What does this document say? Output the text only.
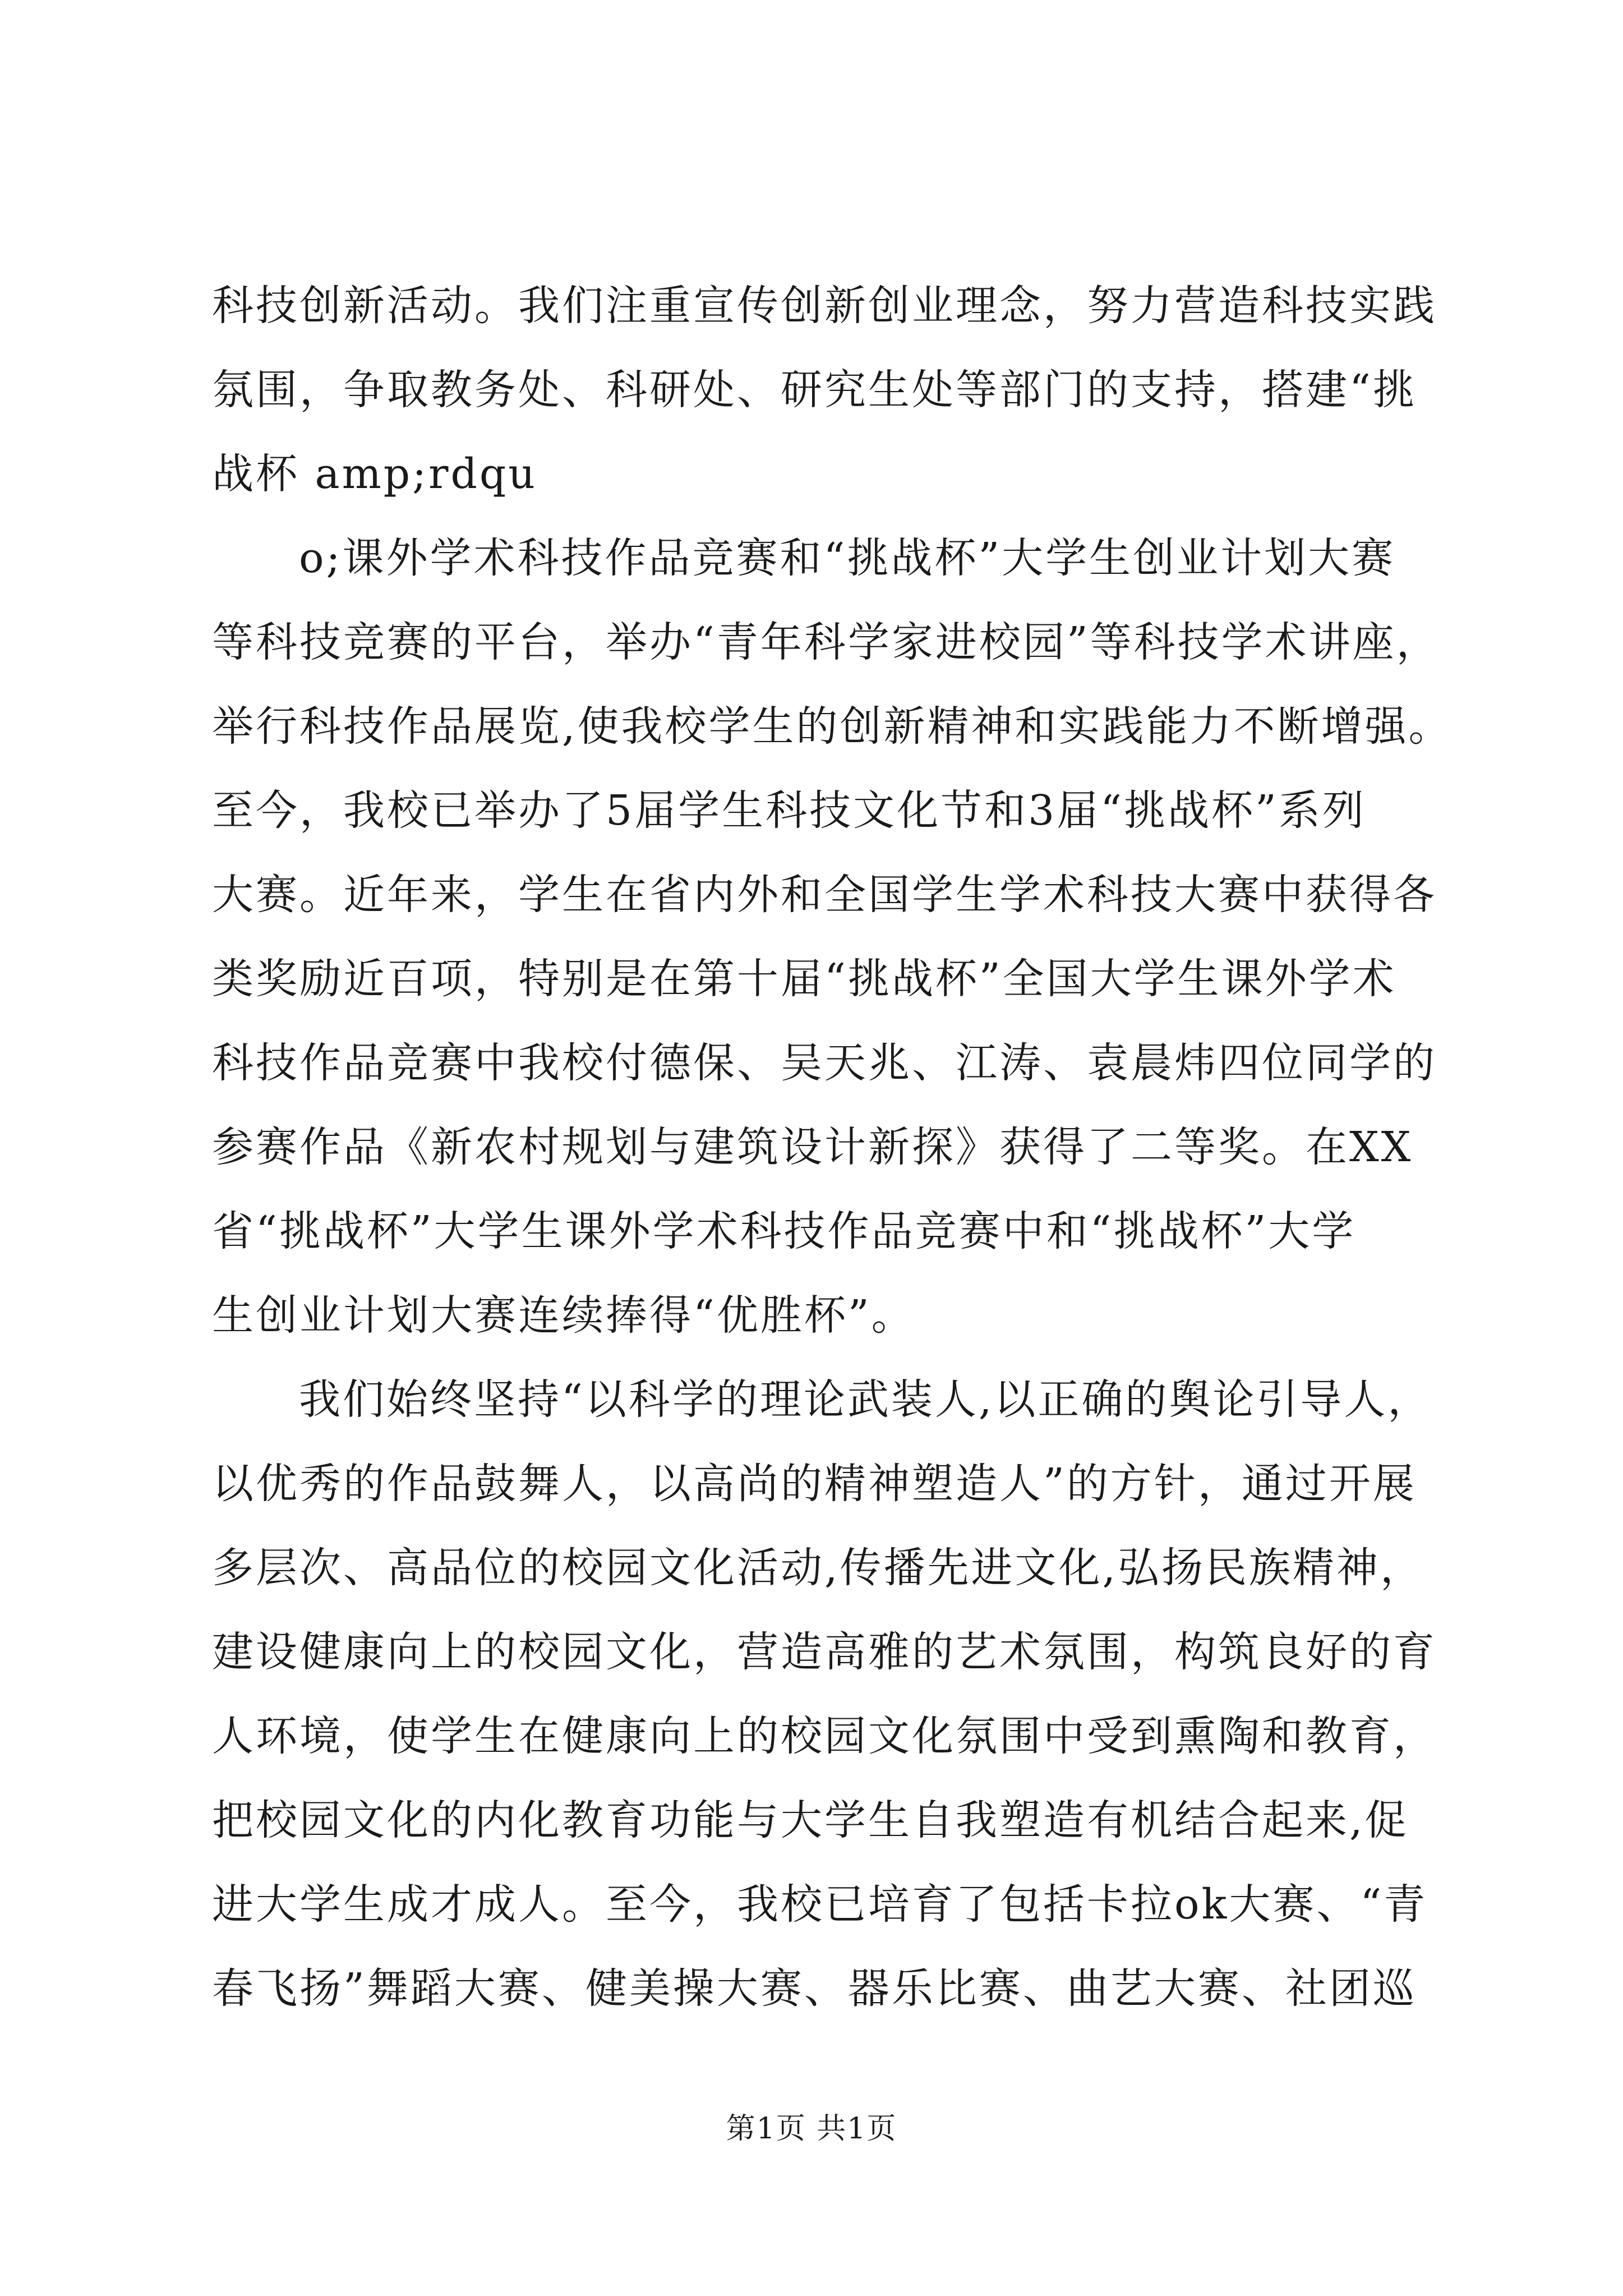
科技创新活动。我们注重宣传创新创业理念，努力营造科技实践
氛围，争取教务处、科研处、研究生处等部门的支持，搭建“挑
战杯 amp;rdqu
o;课外学术科技作品竞赛和“挑战杯”大学生创业计划大赛
等科技竞赛的平台，举办“青年科学家进校园”等科技学术讲座，
举行科技作品展览,使我校学生的创新精神和实践能力不断增强。
至今，我校已举办了5届学生科技文化节和3届“挑战杯”系列
大赛。近年来，学生在省内外和全国学生学术科技大赛中获得各
类奖励近百项，特别是在第十届“挑战杯”全国大学生课外学术
科技作品竞赛中我校付德保、吴天兆、江涛、袁晨炜四位同学的
参赛作品《新农村规划与建筑设计新探》获得了二等奖。在XX
省“挑战杯”大学生课外学术科技作品竞赛中和“挑战杯”大学
生创业计划大赛连续捧得“优胜杯”。
我们始终坚持“以科学的理论武装人,以正确的舆论引导人，
以优秀的作品鼓舞人，以高尚的精神塑造人”的方针，通过开展
多层次、高品位的校园文化活动,传播先进文化,弘扬民族精神，
建设健康向上的校园文化，营造高雅的艺术氛围，构筑良好的育
人环境，使学生在健康向上的校园文化氛围中受到熏陶和教育，
把校园文化的内化教育功能与大学生自我塑造有机结合起来,促
进大学生成才成人。至今，我校已培育了包括卡拉ok大赛、“青
春飞扬”舞蹈大赛、健美操大赛、器乐比赛、曲艺大赛、社团巡
第1页 共1页
